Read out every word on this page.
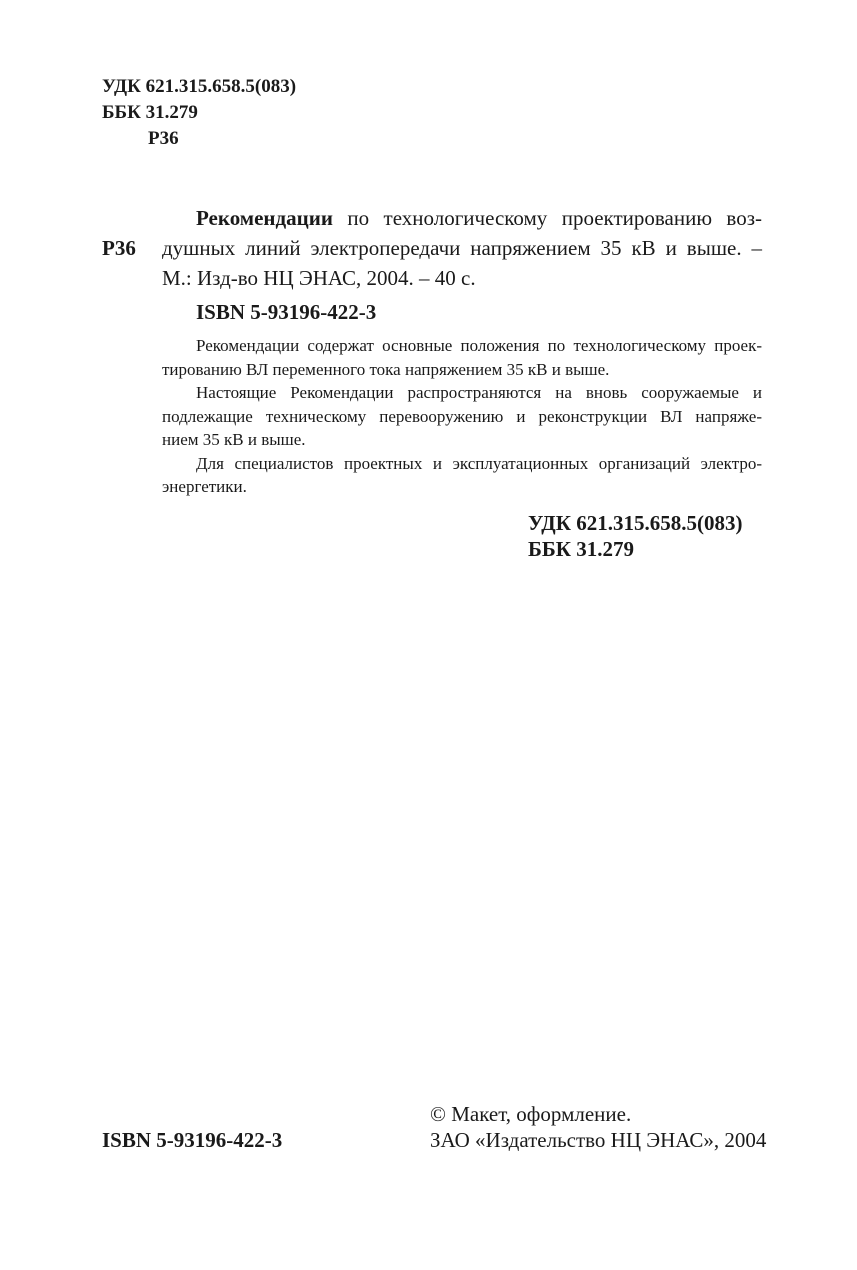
УДК 621.315.658.5(083)
ББК 31.279
Р36
Р36
Рекомендации по технологическому проектированию воз-
душных линий электропередачи напряжением 35 кВ и выше. –
М.: Изд-во НЦ ЭНАС, 2004. – 40 с.
ISBN 5-93196-422-3
Рекомендации содержат основные положения по технологическому проек-
тированию ВЛ переменного тока напряжением 35 кВ и выше.
Настоящие Рекомендации распространяются на вновь сооружаемые и
подлежащие техническому перевооружению и реконструкции ВЛ напряже-
нием 35 кВ и выше.
Для специалистов проектных и эксплуатационных организаций электро-
энергетики.
УДК 621.315.658.5(083)
ББК 31.279
ISBN 5-93196-422-3
© Макет, оформление.
ЗАО «Издательство НЦ ЭНАС», 2004
